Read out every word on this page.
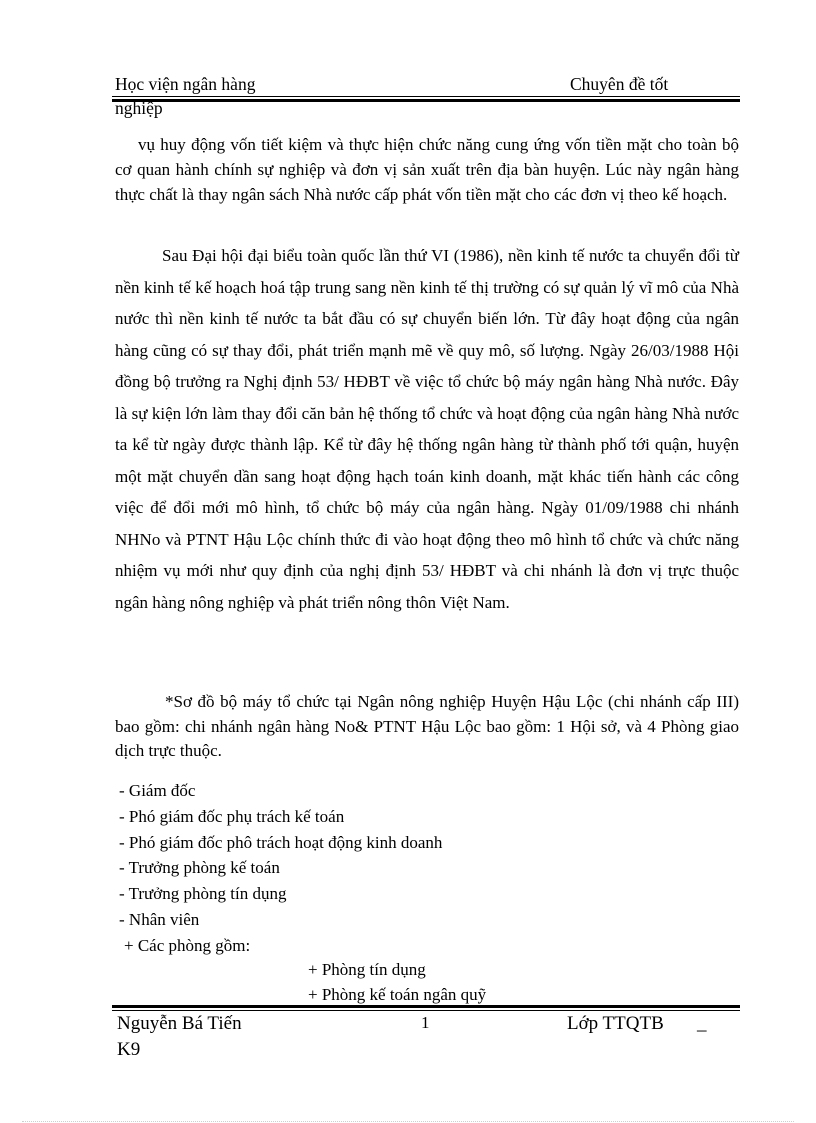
Học viện ngân hàng	Chuyên đề tốt
nghiệp
vụ huy động vốn tiết kiệm và thực hiện chức năng cung ứng vốn tiền mặt cho toàn bộ cơ quan hành chính sự nghiệp và đơn vị sản xuất trên địa bàn huyện. Lúc này ngân hàng thực chất là thay ngân sách Nhà nước cấp phát vốn tiền mặt cho các đơn vị theo kế hoạch.
Sau Đại hội đại biểu toàn quốc lần thứ VI (1986), nền kinh tế nước ta chuyển đổi từ nền kinh tế kế hoạch hoá tập trung sang nền kinh tế thị trường có sự quản lý vĩ mô của Nhà nước thì nền kinh tế nước ta bắt đầu có sự chuyển biến lớn. Từ đây hoạt động của ngân hàng cũng có sự thay đổi, phát triển mạnh mẽ về quy mô, số lượng. Ngày 26/03/1988 Hội đồng bộ trưởng ra Nghị định 53/ HĐBT về việc tổ chức bộ máy ngân hàng Nhà nước. Đây là sự kiện lớn làm thay đổi căn bản hệ thống tổ chức và hoạt động của ngân hàng Nhà nước ta kể từ ngày được thành lập. Kể từ đây hệ thống ngân hàng từ thành phố tới quận, huyện một mặt chuyển dần sang hoạt động hạch toán kinh doanh, mặt khác tiến hành các công việc để đổi mới mô hình, tổ chức bộ máy của ngân hàng. Ngày 01/09/1988 chi nhánh NHNo và PTNT Hậu Lộc chính thức đi vào hoạt động theo mô hình tổ chức và chức năng nhiệm vụ mới như quy định của nghị định 53/ HĐBT và chi nhánh là đơn vị trực thuộc ngân hàng nông nghiệp và phát triển nông thôn Việt Nam.
*Sơ đồ bộ máy tổ chức tại Ngân nông nghiệp Huyện Hậu Lộc (chi nhánh cấp III) bao gồm: chi nhánh ngân hàng No& PTNT Hậu Lộc bao gồm: 1 Hội sở, và 4 Phòng giao dịch trực thuộc.
- Giám đốc
- Phó giám đốc phụ trách kế toán
- Phó giám đốc phô trách hoạt động kinh doanh
- Trưởng phòng kế toán
- Trưởng phòng tín dụng
- Nhân viên
+ Các phòng gồm:
+ Phòng tín dụng
+ Phòng kế toán ngân quỹ
Nguyễn Bá Tiến	1	Lớp TTQTB _
K9
